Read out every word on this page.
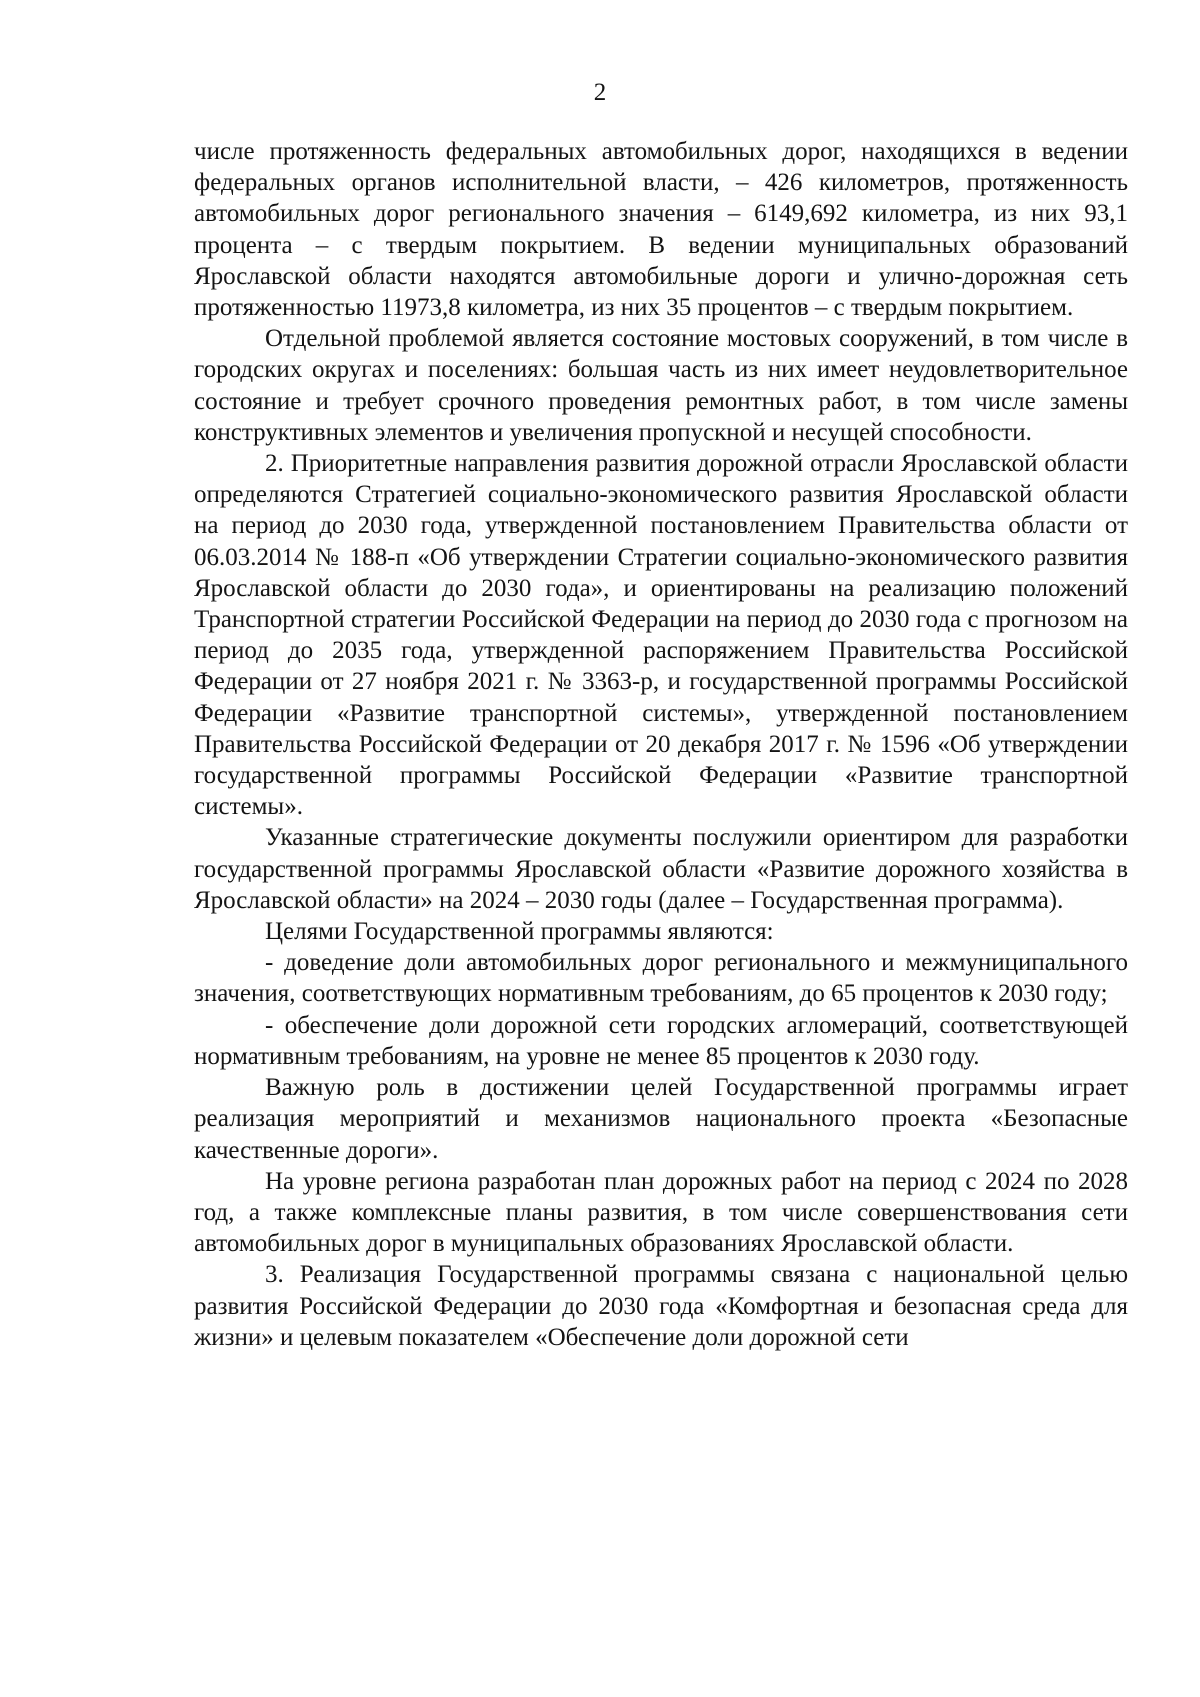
2

числе протяженность федеральных автомобильных дорог, находящихся в ведении федеральных органов исполнительной власти, – 426 километров, протяженность автомобильных дорог регионального значения – 6149,692 километра, из них 93,1 процента – с твердым покрытием. В ведении муниципальных образований Ярославской области находятся автомобильные дороги и улично-дорожная сеть протяженностью 11973,8 километра, из них 35 процентов – с твердым покрытием.

Отдельной проблемой является состояние мостовых сооружений, в том числе в городских округах и поселениях: большая часть из них имеет неудовлетворительное состояние и требует срочного проведения ремонтных работ, в том числе замены конструктивных элементов и увеличения пропускной и несущей способности.

2. Приоритетные направления развития дорожной отрасли Ярославской области определяются Стратегией социально-экономического развития Ярославской области на период до 2030 года, утвержденной постановлением Правительства области от 06.03.2014 № 188-п «Об утверждении Стратегии социально-экономического развития Ярославской области до 2030 года», и ориентированы на реализацию положений Транспортной стратегии Российской Федерации на период до 2030 года с прогнозом на период до 2035 года, утвержденной распоряжением Правительства Российской Федерации от 27 ноября 2021 г. № 3363-р, и государственной программы Российской Федерации «Развитие транспортной системы», утвержденной постановлением Правительства Российской Федерации от 20 декабря 2017 г. № 1596 «Об утверждении государственной программы Российской Федерации «Развитие транспортной системы».

Указанные стратегические документы послужили ориентиром для разработки государственной программы Ярославской области «Развитие дорожного хозяйства в Ярославской области» на 2024 – 2030 годы (далее – Государственная программа).

Целями Государственной программы являются:

- доведение доли автомобильных дорог регионального и межмуниципального значения, соответствующих нормативным требованиям, до 65 процентов к 2030 году;

- обеспечение доли дорожной сети городских агломераций, соответствующей нормативным требованиям, на уровне не менее 85 процентов к 2030 году.

Важную роль в достижении целей Государственной программы играет реализация мероприятий и механизмов национального проекта «Безопасные качественные дороги».

На уровне региона разработан план дорожных работ на период с 2024 по 2028 год, а также комплексные планы развития, в том числе совершенствования сети автомобильных дорог в муниципальных образованиях Ярославской области.

3. Реализация Государственной программы связана с национальной целью развития Российской Федерации до 2030 года «Комфортная и безопасная среда для жизни» и целевым показателем «Обеспечение доли дорожной сети
